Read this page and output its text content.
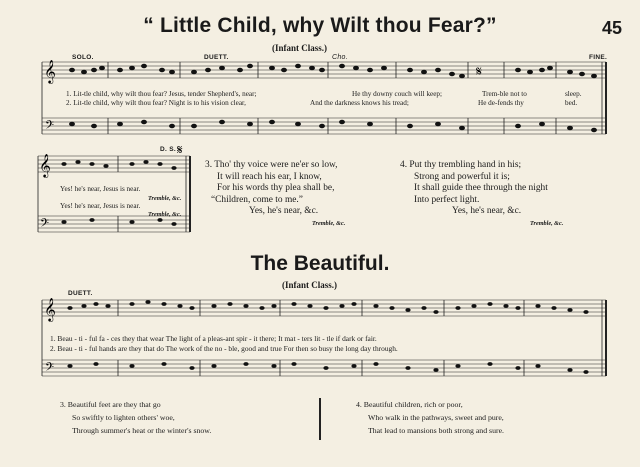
“ Little Child, why Wilt thou Fear?”	45
(Infant Class.)
SOLO.	DUETT.	Cho.	FINE.
𝄞
𝄢
𝄋
1. Lit-tle child, why wilt thou fear? Jesus, tender Shepherd's, near;	He thy downy couch will keep;	Trem-ble not to	sleep.
2. Lit-tle child, why wilt thou fear? Night is to his vision clear,	And the darkness knows his tread;	He de-fends thy	bed.
D. S. 𝄋
𝄞
𝄢
Yes! he's near, Jesus is near.
Tremble, &c.
Yes! he's near, Jesus is near.
Tremble, &c.
3. Tho' thy voice were ne'er so low,
It will reach his ear, I know,
For his words thy plea shall be,
“Children, come to me.”
Yes, he's near, &c.
Tremble, &c.
4. Put thy trembling hand in his;
Strong and powerful it is;
It shall guide thee through the night
Into perfect light.
Yes, he's near, &c.
Tremble, &c.
The Beautiful.
(Infant Class.)
DUETT.
𝄞
𝄢
1. Beau - ti - ful fa - ces they that wear The light of a pleas-ant spir - it there; It mat - ters lit - tle if dark or fair.
2. Beau - ti - ful hands are they that do The work of the no - ble, good and true For then so busy the long day through.
3. Beautiful feet are they that go
So swiftly to lighten others' woe,
Through summer's heat or the winter's snow.
4. Beautiful children, rich or poor,
Who walk in the pathways, sweet and pure,
That lead to mansions both strong and sure.
